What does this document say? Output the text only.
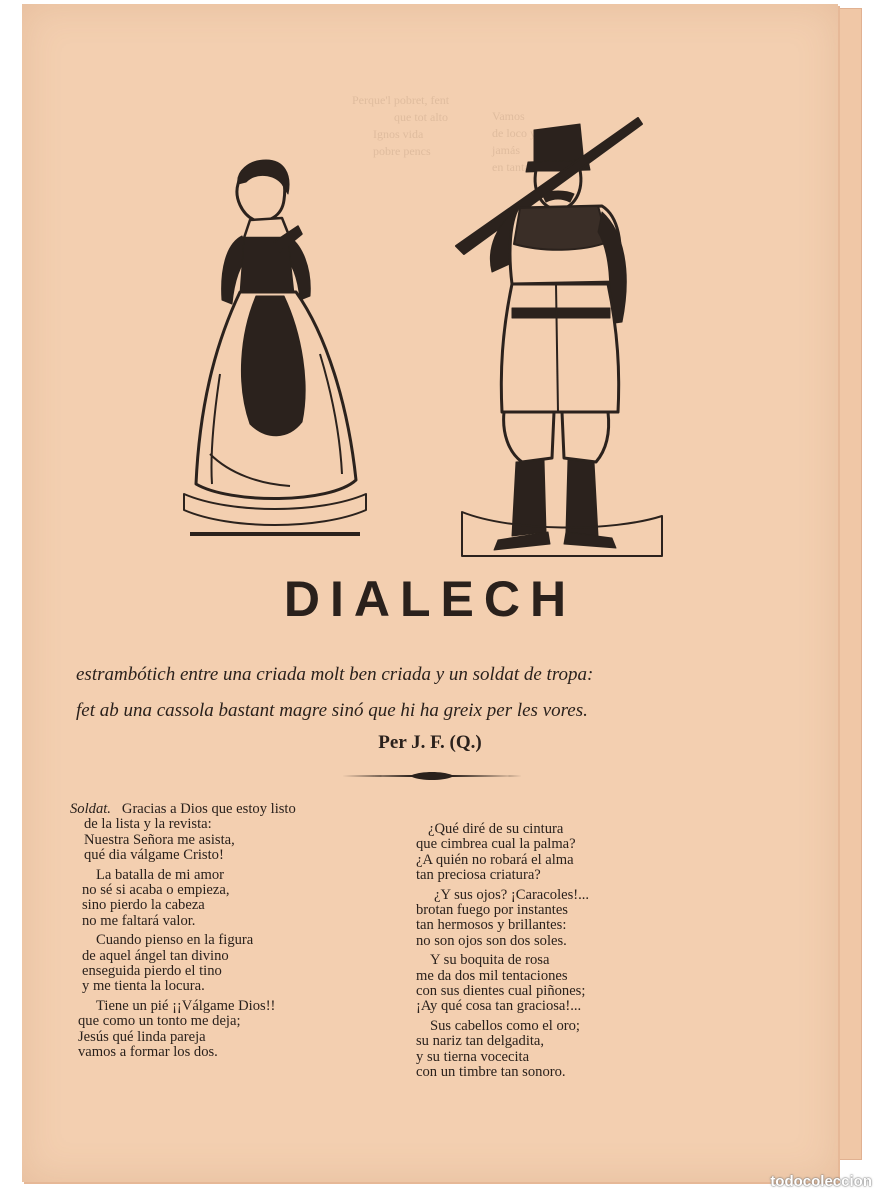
Perque'l pobret, fent
que tot alto
Ignos vida
pobre pencs

Vamos
de loco y
jamás
en tanta

DIALECH
estrambótich entre una criada molt ben criada y un soldat de tropa:
fet ab una cassola bastant magre sinó que hi ha greix per les vores.
Per J. F. (Q.)
Soldat. Gracias a Dios que estoy listo
de la lista y la revista:
Nuestra Señora me asista,
qué dia válgame Cristo!
La batalla de mi amor
no sé si acaba o empieza,
sino pierdo la cabeza
no me faltará valor.
Cuando pienso en la figura
de aquel ángel tan divino
enseguida pierdo el tino
y me tienta la locura.
Tiene un pié ¡¡Válgame Dios!!
que como un tonto me deja;
Jesús qué linda pareja
vamos a formar los dos.
¿Qué diré de su cintura
que cimbrea cual la palma?
¿A quién no robará el alma
tan preciosa criatura?
¿Y sus ojos? ¡Caracoles!...
brotan fuego por instantes
tan hermosos y brillantes:
no son ojos son dos soles.
Y su boquita de rosa
me da dos mil tentaciones
con sus dientes cual piñones;
¡Ay qué cosa tan graciosa!...
Sus cabellos como el oro;
su nariz tan delgadita,
y su tierna vocecita
con un timbre tan sonoro.
todocoleccion
